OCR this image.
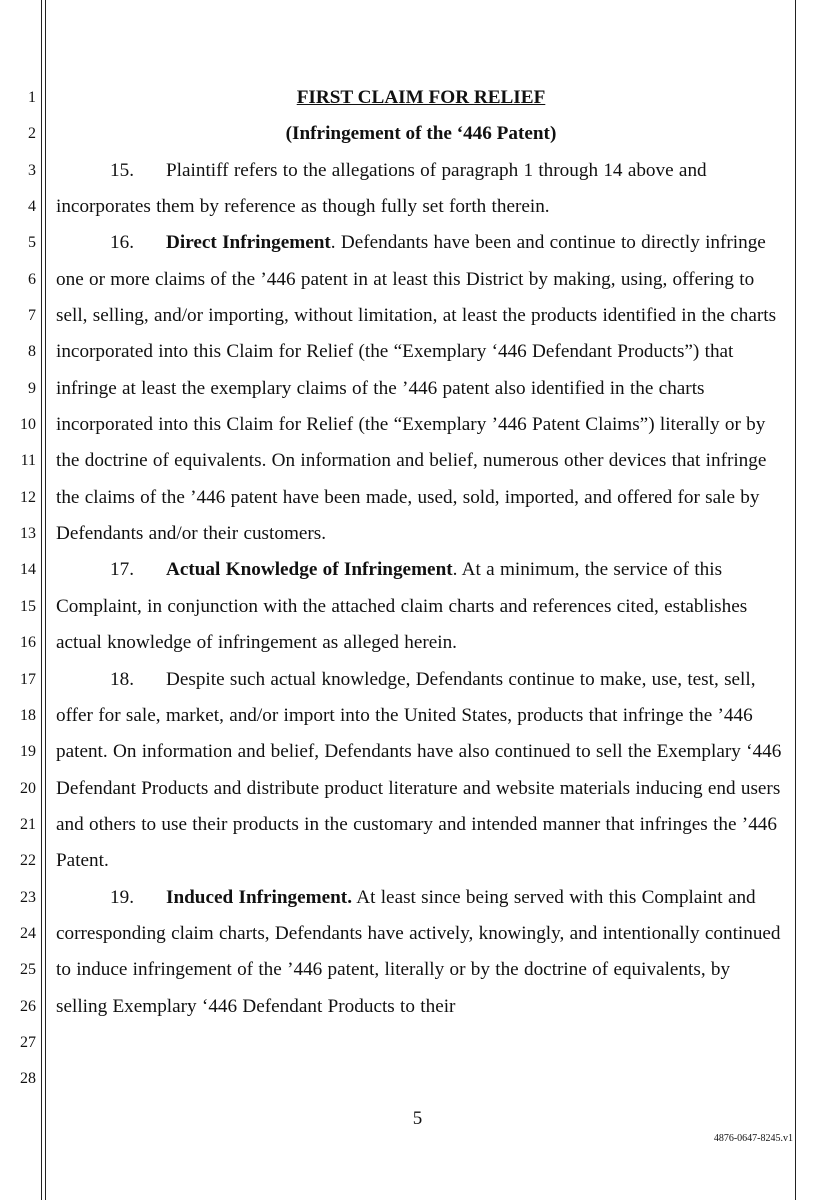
1
2
3
4
5
6
7
8
9
10
11
12
13
14
15
16
17
18
19
20
21
22
23
24
25
26
27
28

FIRST CLAIM FOR RELIEF

(Infringement of the ‘446 Patent)

15. Plaintiff refers to the allegations of paragraph 1 through 14 above and incorporates them by reference as though fully set forth therein.

16. Direct Infringement. Defendants have been and continue to directly infringe one or more claims of the ’446 patent in at least this District by making, using, offering to sell, selling, and/or importing, without limitation, at least the products identified in the charts incorporated into this Claim for Relief (the “Exemplary ‘446 Defendant Products”) that infringe at least the exemplary claims of the ’446 patent also identified in the charts incorporated into this Claim for Relief (the “Exemplary ’446 Patent Claims”) literally or by the doctrine of equivalents. On information and belief, numerous other devices that infringe the claims of the ’446 patent have been made, used, sold, imported, and offered for sale by Defendants and/or their customers.

17. Actual Knowledge of Infringement. At a minimum, the service of this Complaint, in conjunction with the attached claim charts and references cited, establishes actual knowledge of infringement as alleged herein.

18. Despite such actual knowledge, Defendants continue to make, use, test, sell, offer for sale, market, and/or import into the United States, products that infringe the ’446 patent. On information and belief, Defendants have also continued to sell the Exemplary ‘446 Defendant Products and distribute product literature and website materials inducing end users and others to use their products in the customary and intended manner that infringes the ’446 Patent.

19. Induced Infringement. At least since being served with this Complaint and corresponding claim charts, Defendants have actively, knowingly, and intentionally continued to induce infringement of the ’446 patent, literally or by the doctrine of equivalents, by selling Exemplary ‘446 Defendant Products to their

5
4876-0647-8245.v1
